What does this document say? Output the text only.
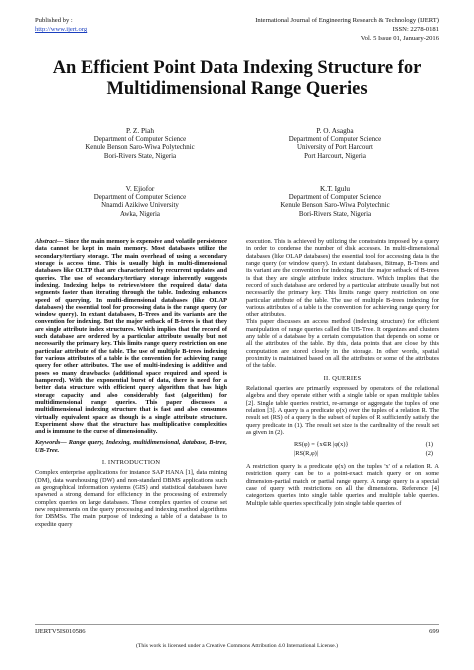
Published by :
http://www.ijert.org
International Journal of Engineering Research & Technology (IJERT)
ISSN: 2278-0181
Vol. 5 Issue 01, January-2016
An Efficient Point Data Indexing Structure for
Multidimensional Range Queries
P. Z. Piah
Department of Computer Science
Kenule Benson Saro-Wiwa Polytechnic
Bori-Rivers State, Nigeria
P. O. Asagba
Department of Computer Science
University of Port Harcourt
Port Harcourt, Nigeria
V. Ejiofor
Department of Computer Science
Nnamdi Azikiwe University
Awka, Nigeria
K.T. Igulu
Department of Computer Science
Kenule Benson Saro-Wiwa Polytechnic
Bori-Rivers State, Nigeria

Abstract— Since the main memory is expensive and volatile persistence data cannot be kept in main memory. Most databases utilize the secondary/tertiary storage. The main overhead of using a secondary storage is access time. This is usually high in multi-dimensional databases like OLTP that are characterized by recurrent updates and queries. The use of secondary/tertiary storage inherently suggests indexing. Indexing helps to retrieve/store the required data/ data segments faster than iterating through the table. Indexing enhances speed of querying. In multi-dimensional databases (like OLAP databases) the essential tool for processing data is the range query (or window query). In extant databases, B-Trees and its variants are the convention for indexing. But the major setback of B-trees is that they are single attribute index structures. Which implies that the record of such database are ordered by a particular attribute usually but not necessarily the primary key. This limits range query restriction on one particular attribute of the table. The use of multiple B-trees indexing for various attributes of a table is the convention for achieving range query for other attributes. The use of multi-indexing is additive and poses so many drawbacks (additional space required and speed is hampered). With the exponential burst of data, there is need for a better data structure with efficient query algorithm that has high storage capacity and also considerably fast (algorithm) for multidimensional range queries. This paper discusses a multidimensional indexing structure that is fast and also consumes virtually equivalent space as though is a single attribute structure. Experiment show that the structure has multiplicative complexities and is immune to the curse of dimensionality.

Keywords— Range query, Indexing, multidimensional, database, B-tree, UB-Tree.

I. INTRODUCTION

Complex enterprise applications for instance SAP HANA [1], data mining (DM), data warehousing (DW) and non-standard DBMS applications such as geographical information systems (GIS) and statistical databases have spawned a strong demand for efficiency in the processing of extremely complex queries on large databases. These complex queries of course set new requirements on the query processing and indexing method algorithms for DBMSs. The main purpose of indexing a table of a database is to expedite query

execution. This is achieved by utilizing the constraints imposed by a query in order to condense the number of disk accesses. In multi-dimensional databases (like OLAP databases) the essential tool for accessing data is the range query (or window query). In extant databases, Bitmap, B-Trees and its variant are the convention for indexing. But the major setback of B-trees is that they are single attribute index structure. Which implies that the record of such database are ordered by a particular attribute usually but not necessarily the primary key. This limits range query restriction on one particular attribute of the table. The use of multiple B-trees indexing for various attributes of a table is the convention for achieving range query for other attributes.

This paper discusses an access method (indexing structure) for efficient manipulation of range queries called the UB-Tree. It organizes and clusters any table of a database by a certain computation that depends on some or all the attributes of the table. By this, data points that are close by this computation are stored closely in the storage. In other words, spatial proximity is maintained based on all the attributes or some of the attributes of the table.

II. QUERIES

Relational queries are primarily expressed by operators of the relational algebra and they operate either with a single table or span multiple tables [2]. Single table queries restrict, re-arrange or aggregate the tuples of one relation [3]. A query is a predicate φ(x) over the tuples of a relation R. The result set (RS) of a query is the subset of tuples of R sufficiently satisfy the query predicate in (1). The result set size is the cardinality of the result set as given in (2).

RS(φ) = {x∈R |φ(x)}	(1)
|RS(R,φ)|	(2)

A restriction query is a predicate φ(x) on the tuples 'x' of a relation R. A restriction query can be to a point-exact match query or on some dimension-partial match or partial range query. A range query is a special case of query with restrictions on all the dimensions. Reference [4] categorizes queries into single table queries and multiple table queries. Multiple table queries specifically join single table queries of

IJERTV5IS010586	699
(This work is licensed under a Creative Commons Attribution 4.0 International License.)
